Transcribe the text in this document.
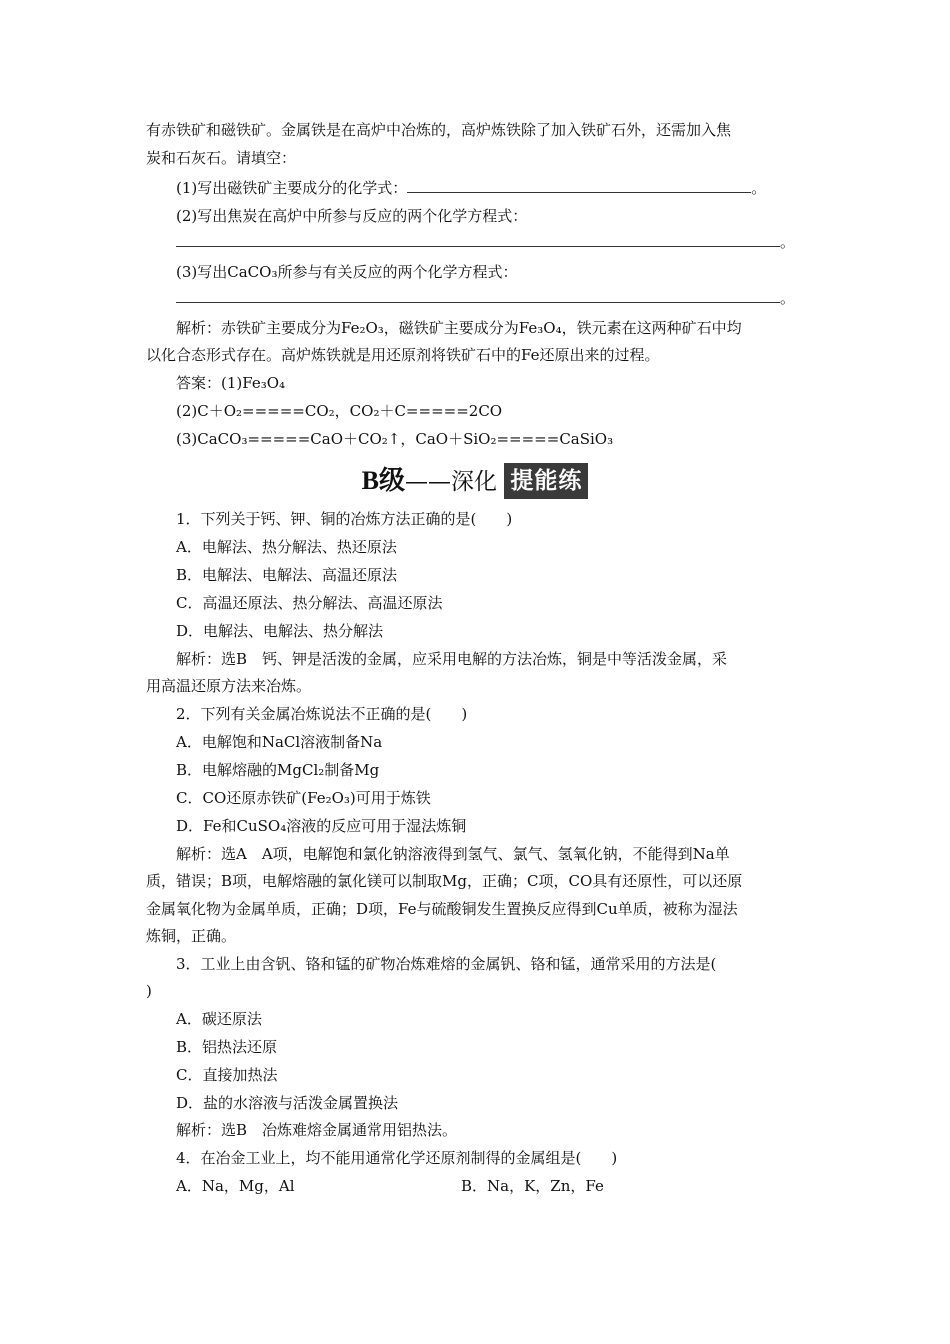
有赤铁矿和磁铁矿。金属铁是在高炉中冶炼的，高炉炼铁除了加入铁矿石外，还需加入焦
炭和石灰石。请填空：
(1)写出磁铁矿主要成分的化学式：	。
(2)写出焦炭在高炉中所参与反应的两个化学方程式：
。
(3)写出CaCO₃所参与有关反应的两个化学方程式：
。
解析：赤铁矿主要成分为Fe₂O₃，磁铁矿主要成分为Fe₃O₄，铁元素在这两种矿石中均
以化合态形式存在。高炉炼铁就是用还原剂将铁矿石中的Fe还原出来的过程。
答案：(1)Fe₃O₄
(2)C＋O₂=====CO₂，CO₂＋C=====2CO
(3)CaCO₃=====CaO＋CO₂↑，CaO＋SiO₂=====CaSiO₃
B级——深化 提能练
1．下列关于钙、钾、铜的冶炼方法正确的是(　　)
A．电解法、热分解法、热还原法
B．电解法、电解法、高温还原法
C．高温还原法、热分解法、高温还原法
D．电解法、电解法、热分解法
解析：选B　钙、钾是活泼的金属，应采用电解的方法冶炼，铜是中等活泼金属，采
用高温还原方法来冶炼。
2．下列有关金属冶炼说法不正确的是(　　)
A．电解饱和NaCl溶液制备Na
B．电解熔融的MgCl₂制备Mg
C．CO还原赤铁矿(Fe₂O₃)可用于炼铁
D．Fe和CuSO₄溶液的反应可用于湿法炼铜
解析：选A　A项，电解饱和氯化钠溶液得到氢气、氯气、氢氧化钠，不能得到Na单
质，错误；B项，电解熔融的氯化镁可以制取Mg，正确；C项，CO具有还原性，可以还原
金属氧化物为金属单质，正确；D项，Fe与硫酸铜发生置换反应得到Cu单质，被称为湿法
炼铜，正确。
3．工业上由含钒、铬和锰的矿物冶炼难熔的金属钒、铬和锰，通常采用的方法是(
)
A．碳还原法
B．铝热法还原
C．直接加热法
D．盐的水溶液与活泼金属置换法
解析：选B　冶炼难熔金属通常用铝热法。
4．在冶金工业上，均不能用通常化学还原剂制得的金属组是(　　)
A．Na，Mg，Al	B．Na，K，Zn，Fe
